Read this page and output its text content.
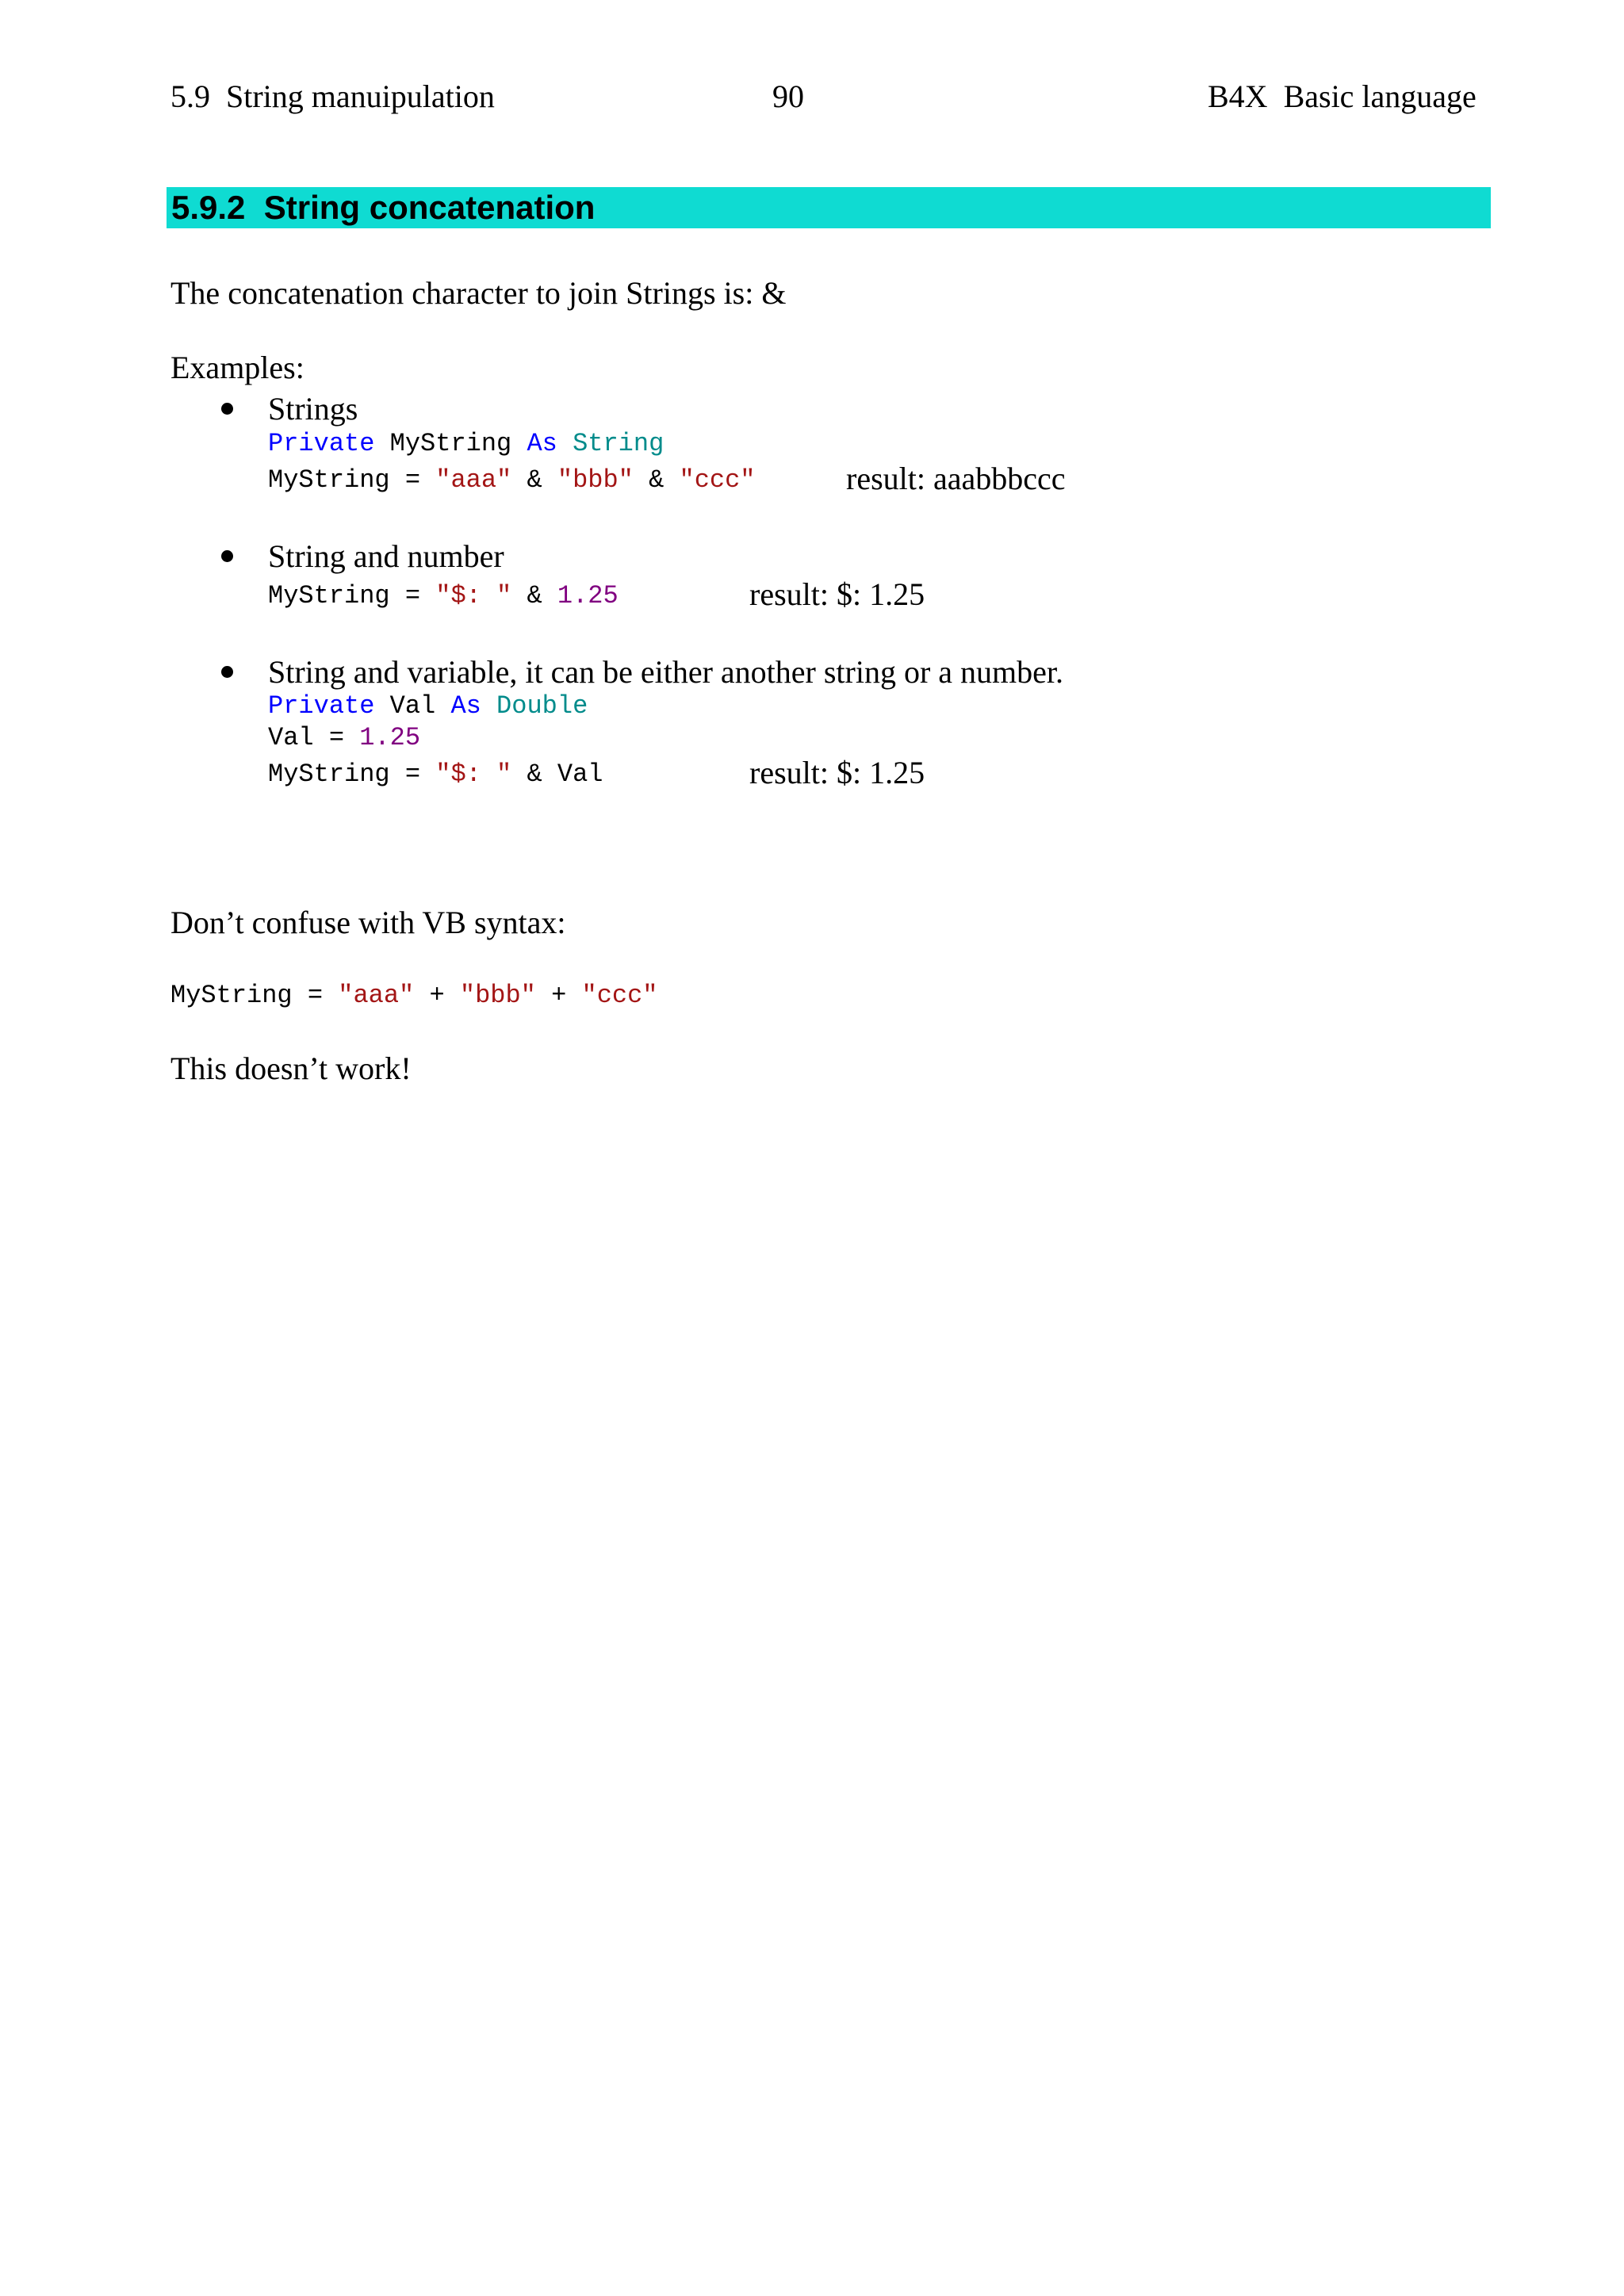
5.9  String manuipulation	90	B4X  Basic language
5.9.2  String concatenation
The concatenation character to join Strings is: &
Examples:
Strings
Private MyString As String
MyString = "aaa" & "bbb" & "ccc"	result: aaabbbccc
String and number
MyString = "$: " & 1.25	result: $: 1.25
String and variable, it can be either another string or a number.
Private Val As Double
Val = 1.25
MyString = "$: " & Val	result: $: 1.25
Don’t confuse with VB syntax:
MyString = "aaa" + "bbb" + "ccc"
This doesn’t work!
